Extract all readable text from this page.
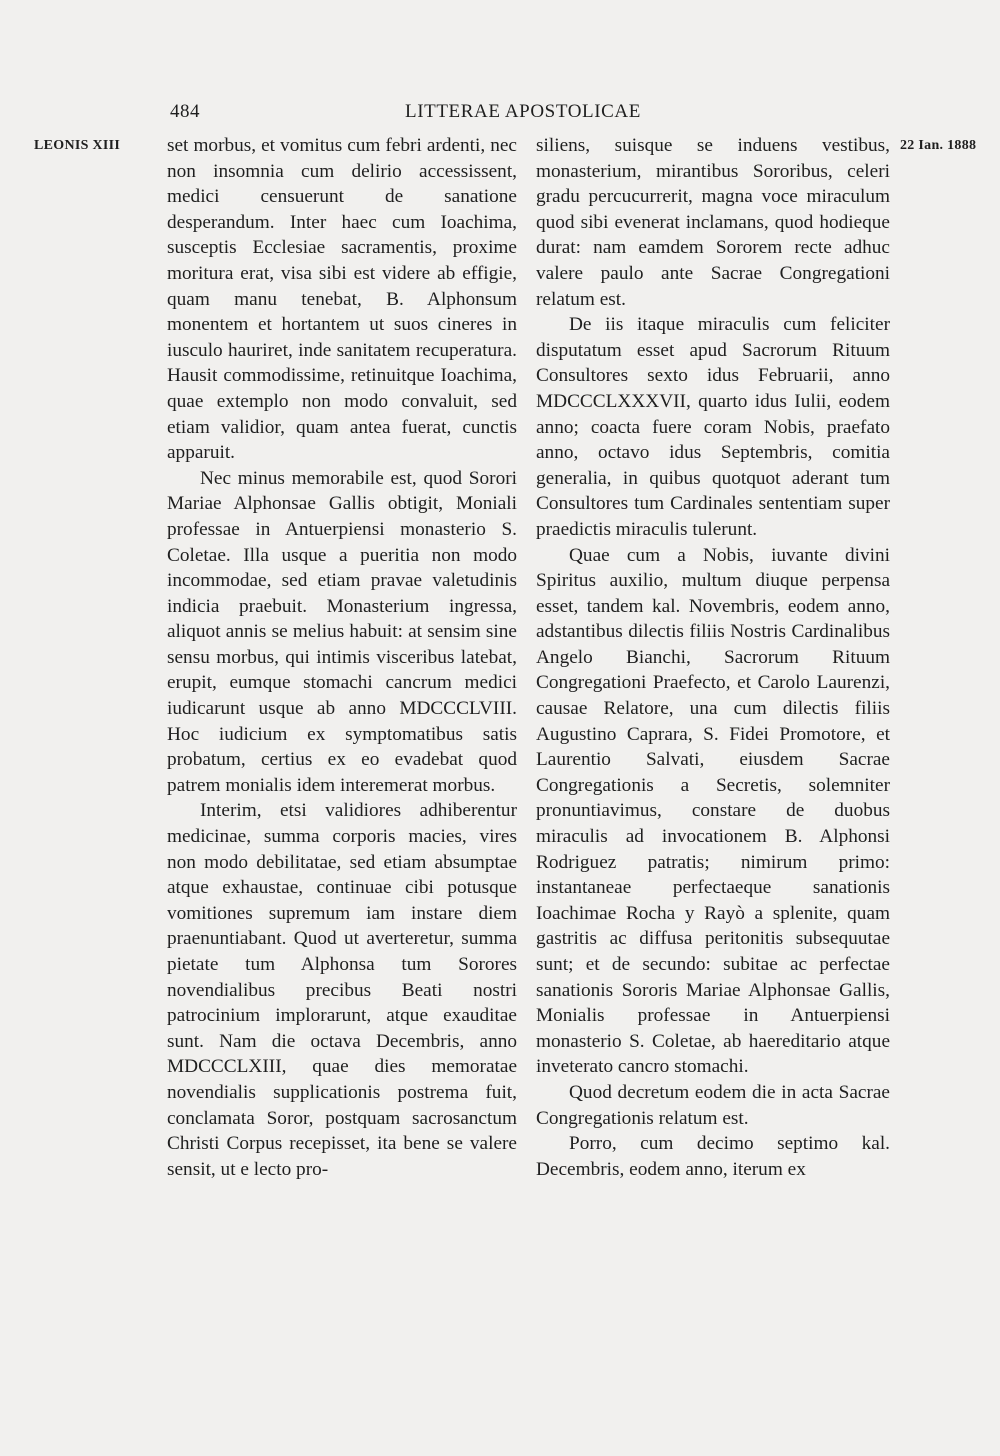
484	LITTERAE APOSTOLICAE
LEONIS XIII	22 Ian. 1888

set morbus, et vomitus cum febri ardenti, nec non insomnia cum delirio accessissent, medici censuerunt de sanatione desperandum. Inter haec cum Ioachima, susceptis Ecclesiae sacramentis, proxime moritura erat, visa sibi est videre ab effigie, quam manu tenebat, B. Alphonsum monentem et hortantem ut suos cineres in iusculo hauriret, inde sanitatem recuperatura. Hausit commodissime, retinuitque Ioachima, quae extemplo non modo convaluit, sed etiam validior, quam antea fuerat, cunctis apparuit.

Nec minus memorabile est, quod Sorori Mariae Alphonsae Gallis obtigit, Moniali professae in Antuerpiensi monasterio S. Coletae. Illa usque a pueritia non modo incommodae, sed etiam pravae valetudinis indicia praebuit. Monasterium ingressa, aliquot annis se melius habuit: at sensim sine sensu morbus, qui intimis visceribus latebat, erupit, eumque stomachi cancrum medici iudicarunt usque ab anno MDCCCLVIII. Hoc iudicium ex symptomatibus satis probatum, certius ex eo evadebat quod patrem monialis idem interemerat morbus.

Interim, etsi validiores adhiberentur medicinae, summa corporis macies, vires non modo debilitatae, sed etiam absumptae atque exhaustae, continuae cibi potusque vomitiones supremum iam instare diem praenuntiabant. Quod ut averteretur, summa pietate tum Alphonsa tum Sorores novendialibus precibus Beati nostri patrocinium implorarunt, atque exauditae sunt. Nam die octava Decembris, anno MDCCCLXIII, quae dies memoratae novendialis supplicationis postrema fuit, conclamata Soror, postquam sacrosanctum Christi Corpus recepisset, ita bene se valere sensit, ut e lecto pro-

siliens, suisque se induens vestibus, monasterium, mirantibus Sororibus, celeri gradu percucurrerit, magna voce miraculum quod sibi evenerat inclamans, quod hodieque durat: nam eamdem Sororem recte adhuc valere paulo ante Sacrae Congregationi relatum est.

De iis itaque miraculis cum feliciter disputatum esset apud Sacrorum Rituum Consultores sexto idus Februarii, anno MDCCCLXXXVII, quarto idus Iulii, eodem anno; coacta fuere coram Nobis, praefato anno, octavo idus Septembris, comitia generalia, in quibus quotquot aderant tum Consultores tum Cardinales sententiam super praedictis miraculis tulerunt.

Quae cum a Nobis, iuvante divini Spiritus auxilio, multum diuque perpensa esset, tandem kal. Novembris, eodem anno, adstantibus dilectis filiis Nostris Cardinalibus Angelo Bianchi, Sacrorum Rituum Congregationi Praefecto, et Carolo Laurenzi, causae Relatore, una cum dilectis filiis Augustino Caprara, S. Fidei Promotore, et Laurentio Salvati, eiusdem Sacrae Congregationis a Secretis, solemniter pronuntiavimus, constare de duobus miraculis ad invocationem B. Alphonsi Rodriguez patratis; nimirum primo: instantaneae perfectaeque sanationis Ioachimae Rocha y Rayò a splenite, quam gastritis ac diffusa peritonitis subsequutae sunt; et de secundo: subitae ac perfectae sanationis Sororis Mariae Alphonsae Gallis, Monialis professae in Antuerpiensi monasterio S. Coletae, ab haereditario atque inveterato cancro stomachi.

Quod decretum eodem die in acta Sacrae Congregationis relatum est.

Porro, cum decimo septimo kal. Decembris, eodem anno, iterum ex
